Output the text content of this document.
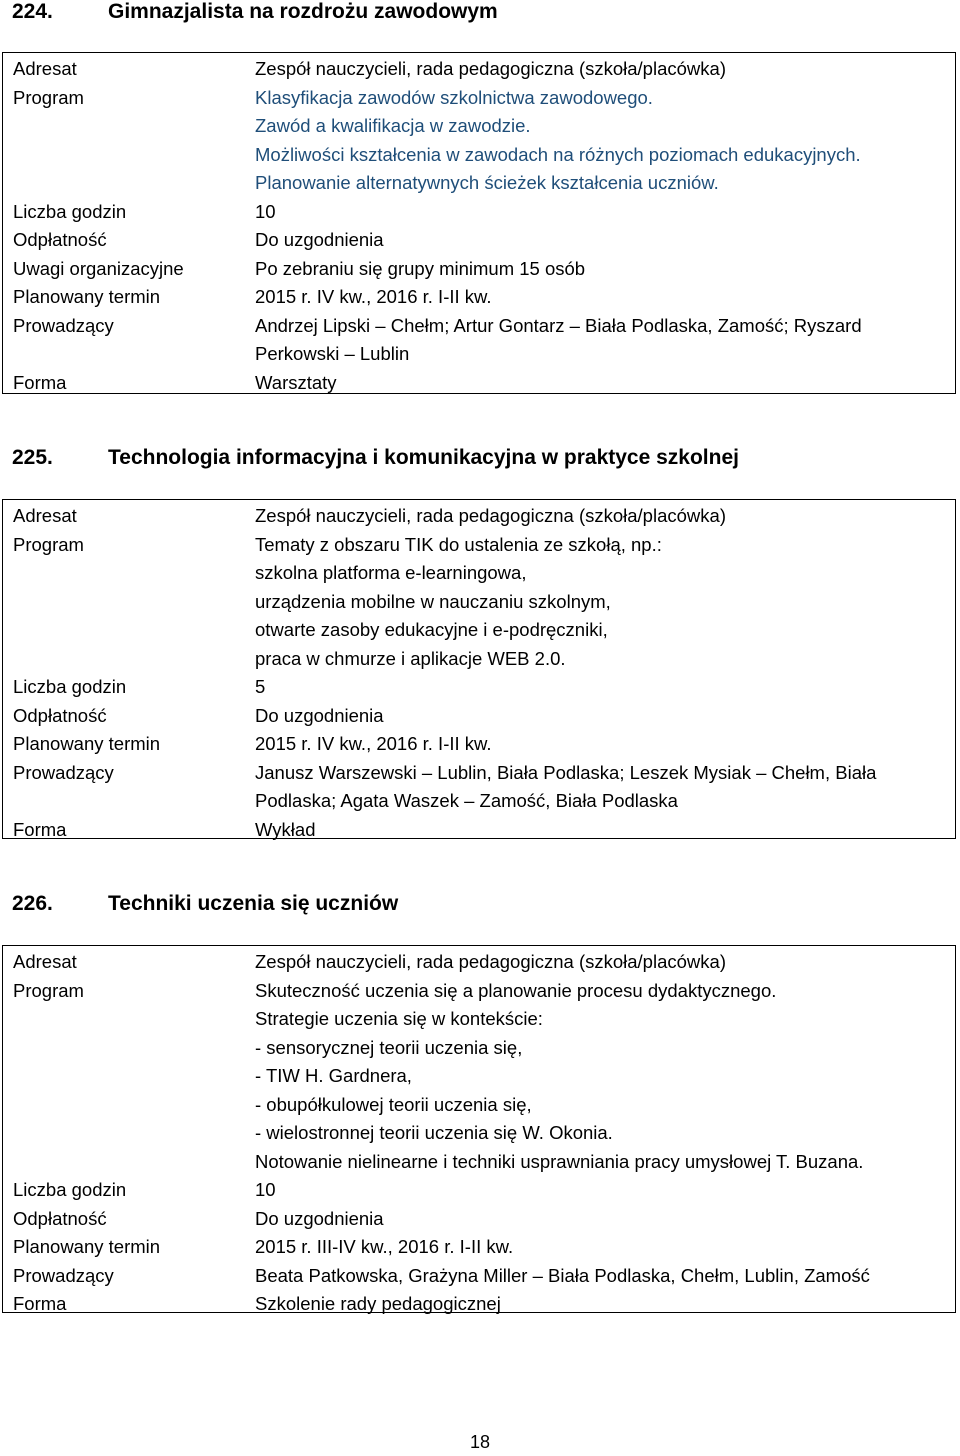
224.	Gimnazjalista na rozdrożu zawodowym
Adresat	Zespół nauczycieli, rada pedagogiczna (szkoła/placówka)
Program	Klasyfikacja zawodów szkolnictwa zawodowego.
Zawód a kwalifikacja w zawodzie.
Możliwości kształcenia w zawodach na różnych poziomach edukacyjnych.
Planowanie alternatywnych ścieżek kształcenia uczniów.
Liczba godzin	10
Odpłatność	Do uzgodnienia
Uwagi organizacyjne	Po zebraniu się grupy minimum 15 osób
Planowany termin	2015 r. IV kw., 2016 r. I-II kw.
Prowadzący	Andrzej Lipski – Chełm; Artur Gontarz – Biała Podlaska, Zamość; Ryszard
Perkowski – Lublin
Forma	Warsztaty
225.	Technologia informacyjna i komunikacyjna w praktyce szkolnej
Adresat	Zespół nauczycieli, rada pedagogiczna (szkoła/placówka)
Program	Tematy z obszaru TIK do ustalenia ze szkołą, np.:
szkolna platforma e-learningowa,
urządzenia mobilne w nauczaniu szkolnym,
otwarte zasoby edukacyjne i e-podręczniki,
praca w chmurze i aplikacje WEB 2.0.
Liczba godzin	5
Odpłatność	Do uzgodnienia
Planowany termin	2015 r. IV kw., 2016 r. I-II kw.
Prowadzący	Janusz Warszewski – Lublin, Biała Podlaska; Leszek Mysiak – Chełm, Biała
Podlaska; Agata Waszek – Zamość, Biała Podlaska
Forma	Wykład
226.	Techniki uczenia się uczniów
Adresat	Zespół nauczycieli, rada pedagogiczna (szkoła/placówka)
Program	Skuteczność uczenia się a planowanie procesu dydaktycznego.
Strategie uczenia się w kontekście:
- sensorycznej teorii uczenia się,
- TIW H. Gardnera,
- obupółkulowej teorii uczenia się,
- wielostronnej teorii uczenia się W. Okonia.
Notowanie nielinearne i techniki usprawniania pracy umysłowej T. Buzana.
Liczba godzin	10
Odpłatność	Do uzgodnienia
Planowany termin	2015 r. III-IV kw., 2016 r. I-II kw.
Prowadzący	Beata Patkowska, Grażyna Miller – Biała Podlaska, Chełm, Lublin, Zamość
Forma	Szkolenie rady pedagogicznej
18
